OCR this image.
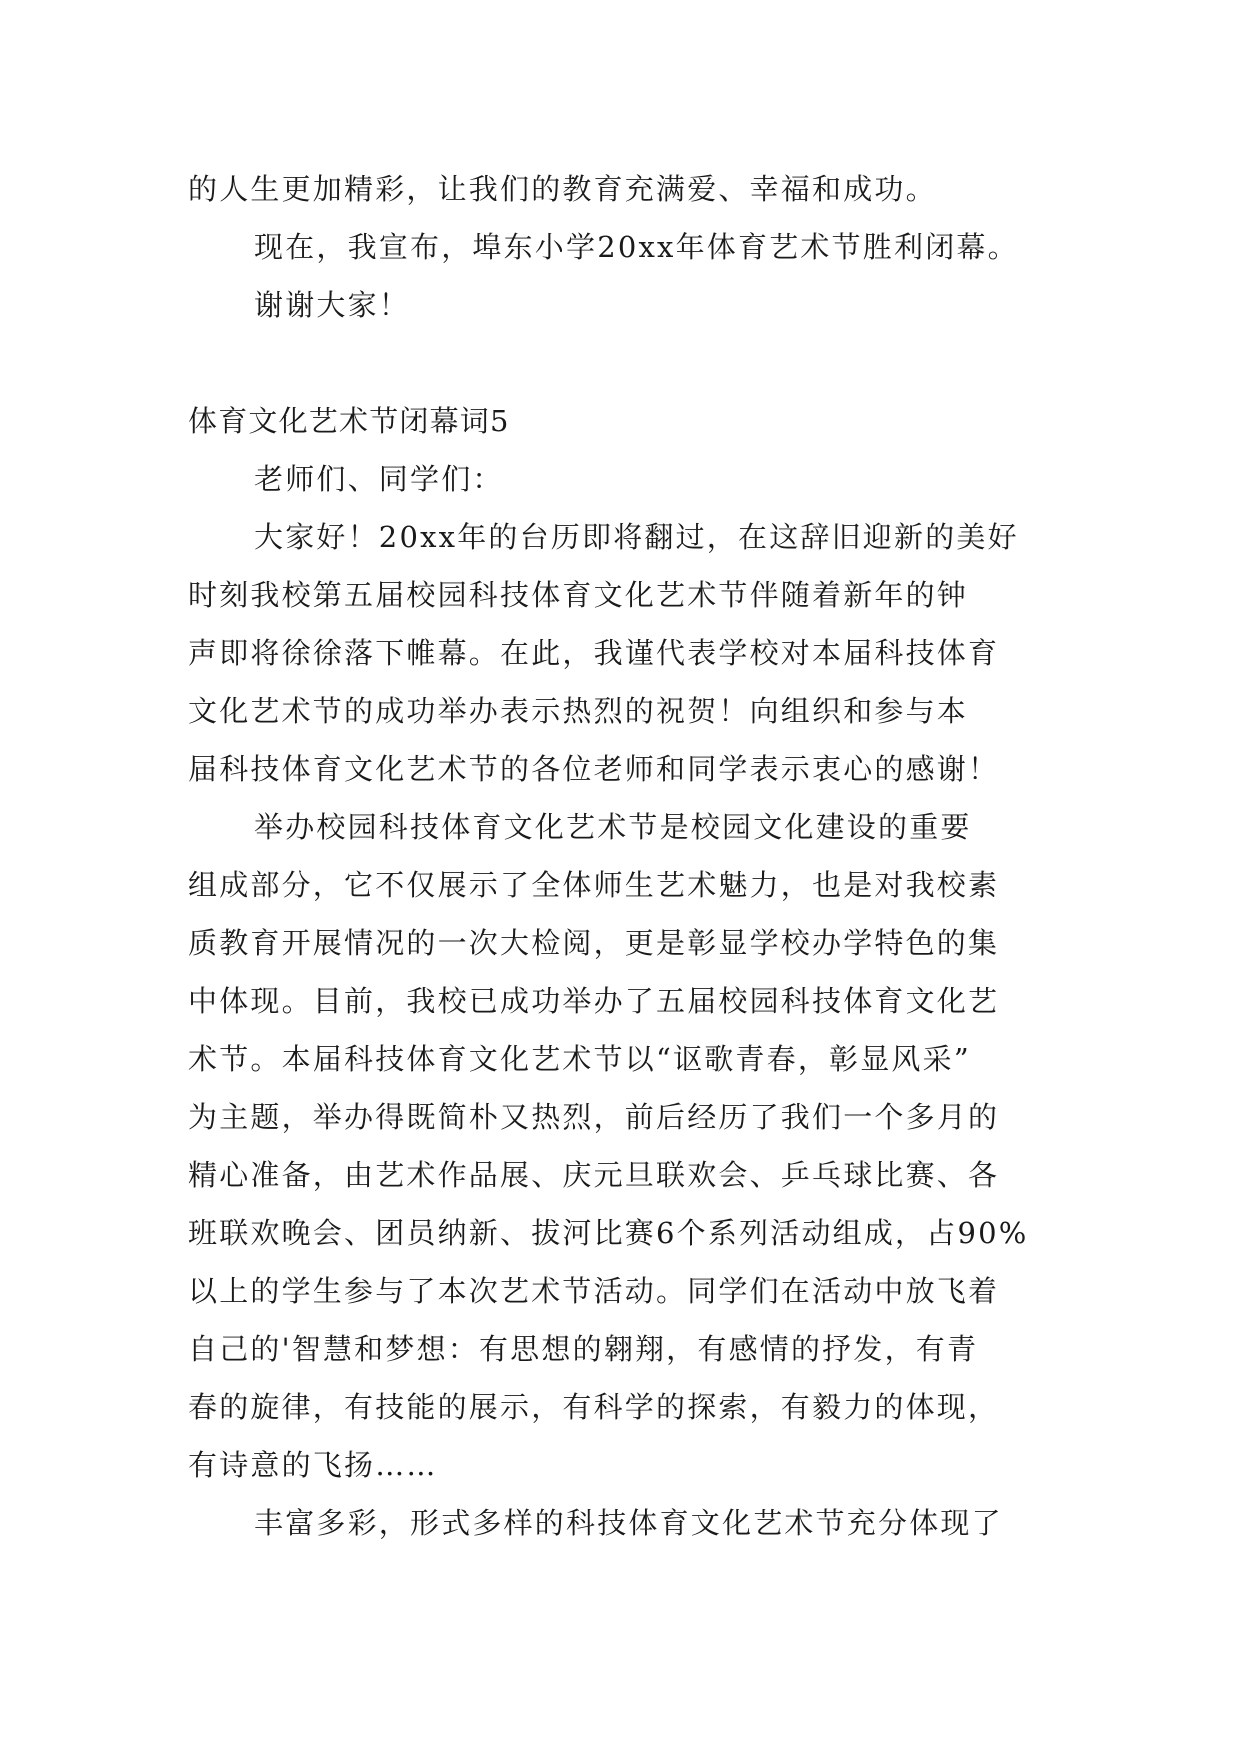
的人生更加精彩，让我们的教育充满爱、幸福和成功。
现在，我宣布，埠东小学20xx年体育艺术节胜利闭幕。
谢谢大家！
体育文化艺术节闭幕词5
老师们、同学们：
大家好！20xx年的台历即将翻过，在这辞旧迎新的美好
时刻我校第五届校园科技体育文化艺术节伴随着新年的钟
声即将徐徐落下帷幕。在此，我谨代表学校对本届科技体育
文化艺术节的成功举办表示热烈的祝贺！向组织和参与本
届科技体育文化艺术节的各位老师和同学表示衷心的感谢！
举办校园科技体育文化艺术节是校园文化建设的重要
组成部分，它不仅展示了全体师生艺术魅力，也是对我校素
质教育开展情况的一次大检阅，更是彰显学校办学特色的集
中体现。目前，我校已成功举办了五届校园科技体育文化艺
术节。本届科技体育文化艺术节以“讴歌青春，彰显风采”
为主题，举办得既简朴又热烈，前后经历了我们一个多月的
精心准备，由艺术作品展、庆元旦联欢会、乒乓球比赛、各
班联欢晚会、团员纳新、拔河比赛6个系列活动组成，占90%
以上的学生参与了本次艺术节活动。同学们在活动中放飞着
自己的'智慧和梦想：有思想的翱翔，有感情的抒发，有青
春的旋律，有技能的展示，有科学的探索，有毅力的体现，
有诗意的飞扬……
丰富多彩，形式多样的科技体育文化艺术节充分体现了
